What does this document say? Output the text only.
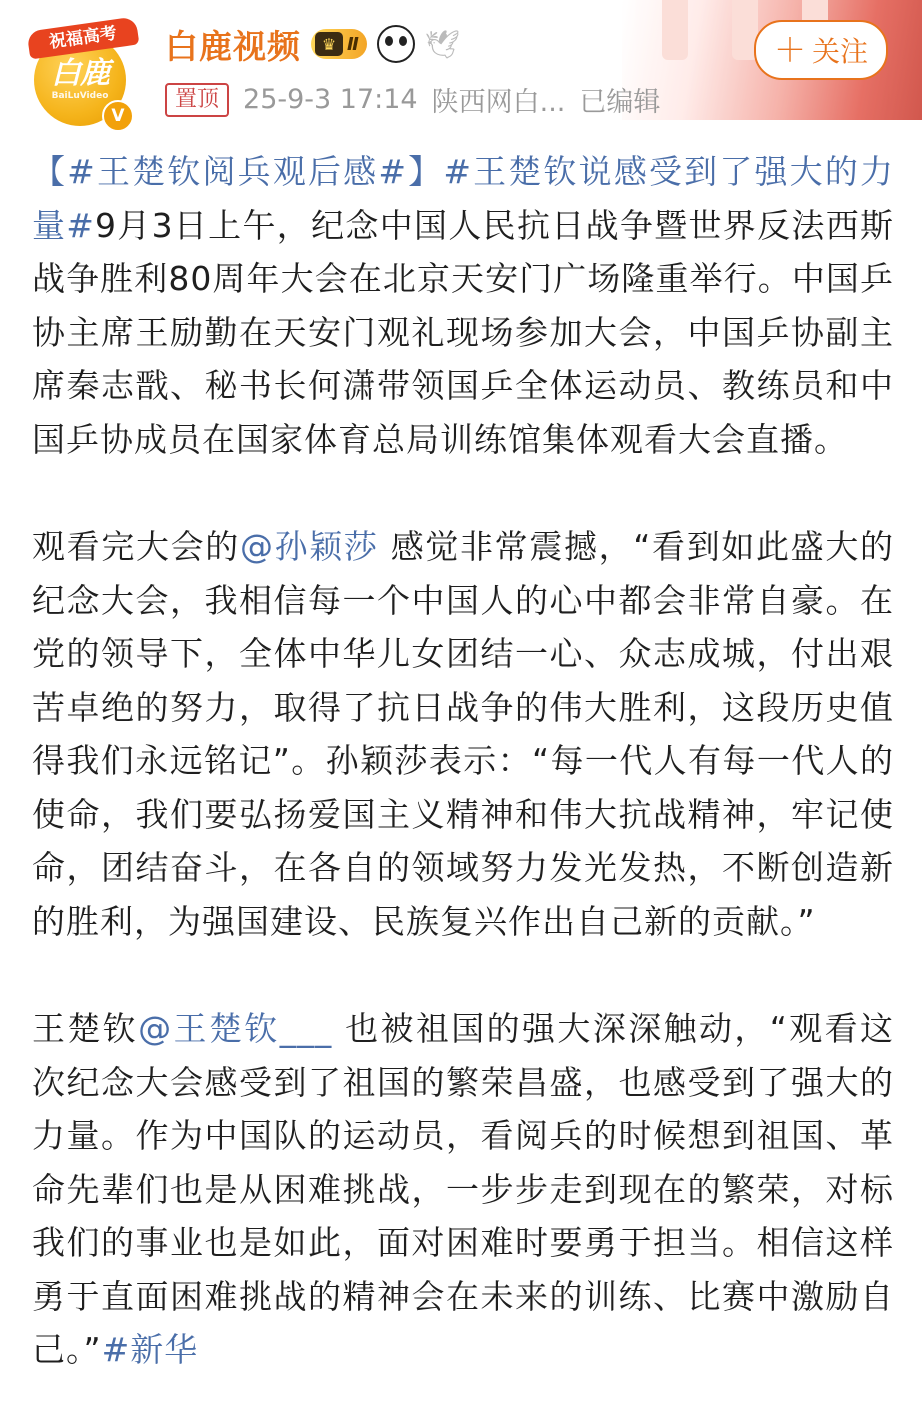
白鹿
BaiLuVideo
祝福高考
V
白鹿视频	♛ Ⅱ 🕊
置顶 25-9-3 17:14 陕西网白... 已编辑
＋ 关注

【#王楚钦阅兵观后感#】#王楚钦说感受到了强大的力量#9月3日上午，纪念中国人民抗日战争暨世界反法西斯战争胜利80周年大会在北京天安门广场隆重举行。中国乒协主席王励勤在天安门观礼现场参加大会，中国乒协副主席秦志戬、秘书长何潇带领国乒全体运动员、教练员和中国乒协成员在国家体育总局训练馆集体观看大会直播。

观看完大会的@孙颖莎 感觉非常震撼，“看到如此盛大的纪念大会，我相信每一个中国人的心中都会非常自豪。在党的领导下，全体中华儿女团结一心、众志成城，付出艰苦卓绝的努力，取得了抗日战争的伟大胜利，这段历史值得我们永远铭记”。孙颖莎表示：“每一代人有每一代人的使命，我们要弘扬爱国主义精神和伟大抗战精神，牢记使命，团结奋斗，在各自的领域努力发光发热，不断创造新的胜利，为强国建设、民族复兴作出自己新的贡献。”

王楚钦@王楚钦___ 也被祖国的强大深深触动，“观看这次纪念大会感受到了祖国的繁荣昌盛，也感受到了强大的力量。作为中国队的运动员，看阅兵的时候想到祖国、革命先辈们也是从困难挑战，一步步走到现在的繁荣，对标我们的事业也是如此，面对困难时要勇于担当。相信这样勇于直面困难挑战的精神会在未来的训练、比赛中激励自己。”#新华
